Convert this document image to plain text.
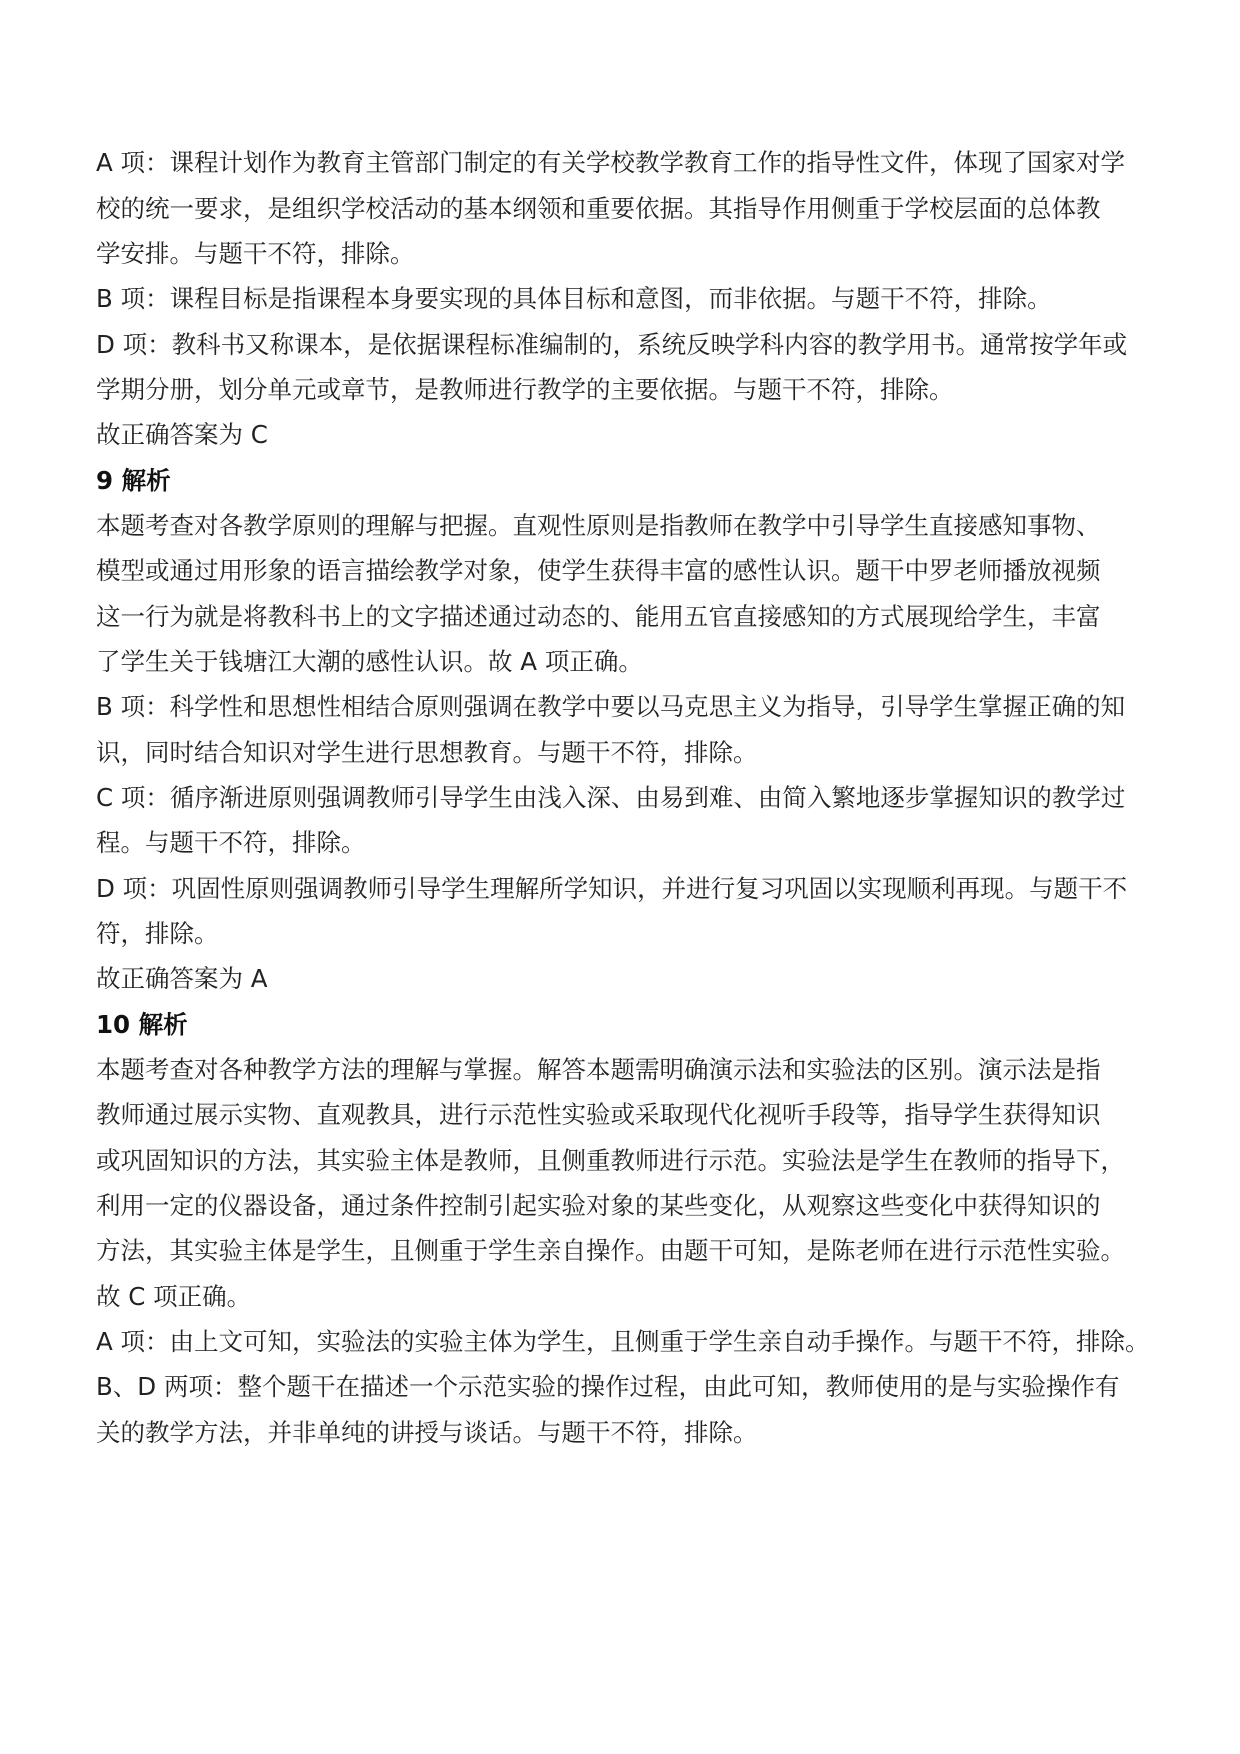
A 项：课程计划作为教育主管部门制定的有关学校教学教育工作的指导性文件，体现了国家对学
校的统一要求，是组织学校活动的基本纲领和重要依据。其指导作用侧重于学校层面的总体教
学安排。与题干不符，排除。
B 项：课程目标是指课程本身要实现的具体目标和意图，而非依据。与题干不符，排除。
D 项：教科书又称课本，是依据课程标准编制的，系统反映学科内容的教学用书。通常按学年或
学期分册，划分单元或章节，是教师进行教学的主要依据。与题干不符，排除。
故正确答案为 C
9 解析
本题考查对各教学原则的理解与把握。直观性原则是指教师在教学中引导学生直接感知事物、
模型或通过用形象的语言描绘教学对象，使学生获得丰富的感性认识。题干中罗老师播放视频
这一行为就是将教科书上的文字描述通过动态的、能用五官直接感知的方式展现给学生，丰富
了学生关于钱塘江大潮的感性认识。故 A 项正确。
B 项：科学性和思想性相结合原则强调在教学中要以马克思主义为指导，引导学生掌握正确的知
识，同时结合知识对学生进行思想教育。与题干不符，排除。
C 项：循序渐进原则强调教师引导学生由浅入深、由易到难、由简入繁地逐步掌握知识的教学过
程。与题干不符，排除。
D 项：巩固性原则强调教师引导学生理解所学知识，并进行复习巩固以实现顺利再现。与题干不
符，排除。
故正确答案为 A
10 解析
本题考查对各种教学方法的理解与掌握。解答本题需明确演示法和实验法的区别。演示法是指
教师通过展示实物、直观教具，进行示范性实验或采取现代化视听手段等，指导学生获得知识
或巩固知识的方法，其实验主体是教师，且侧重教师进行示范。实验法是学生在教师的指导下，
利用一定的仪器设备，通过条件控制引起实验对象的某些变化，从观察这些变化中获得知识的
方法，其实验主体是学生，且侧重于学生亲自操作。由题干可知，是陈老师在进行示范性实验。
故 C 项正确。
A 项：由上文可知，实验法的实验主体为学生，且侧重于学生亲自动手操作。与题干不符，排除。
B、D 两项：整个题干在描述一个示范实验的操作过程，由此可知，教师使用的是与实验操作有
关的教学方法，并非单纯的讲授与谈话。与题干不符，排除。
